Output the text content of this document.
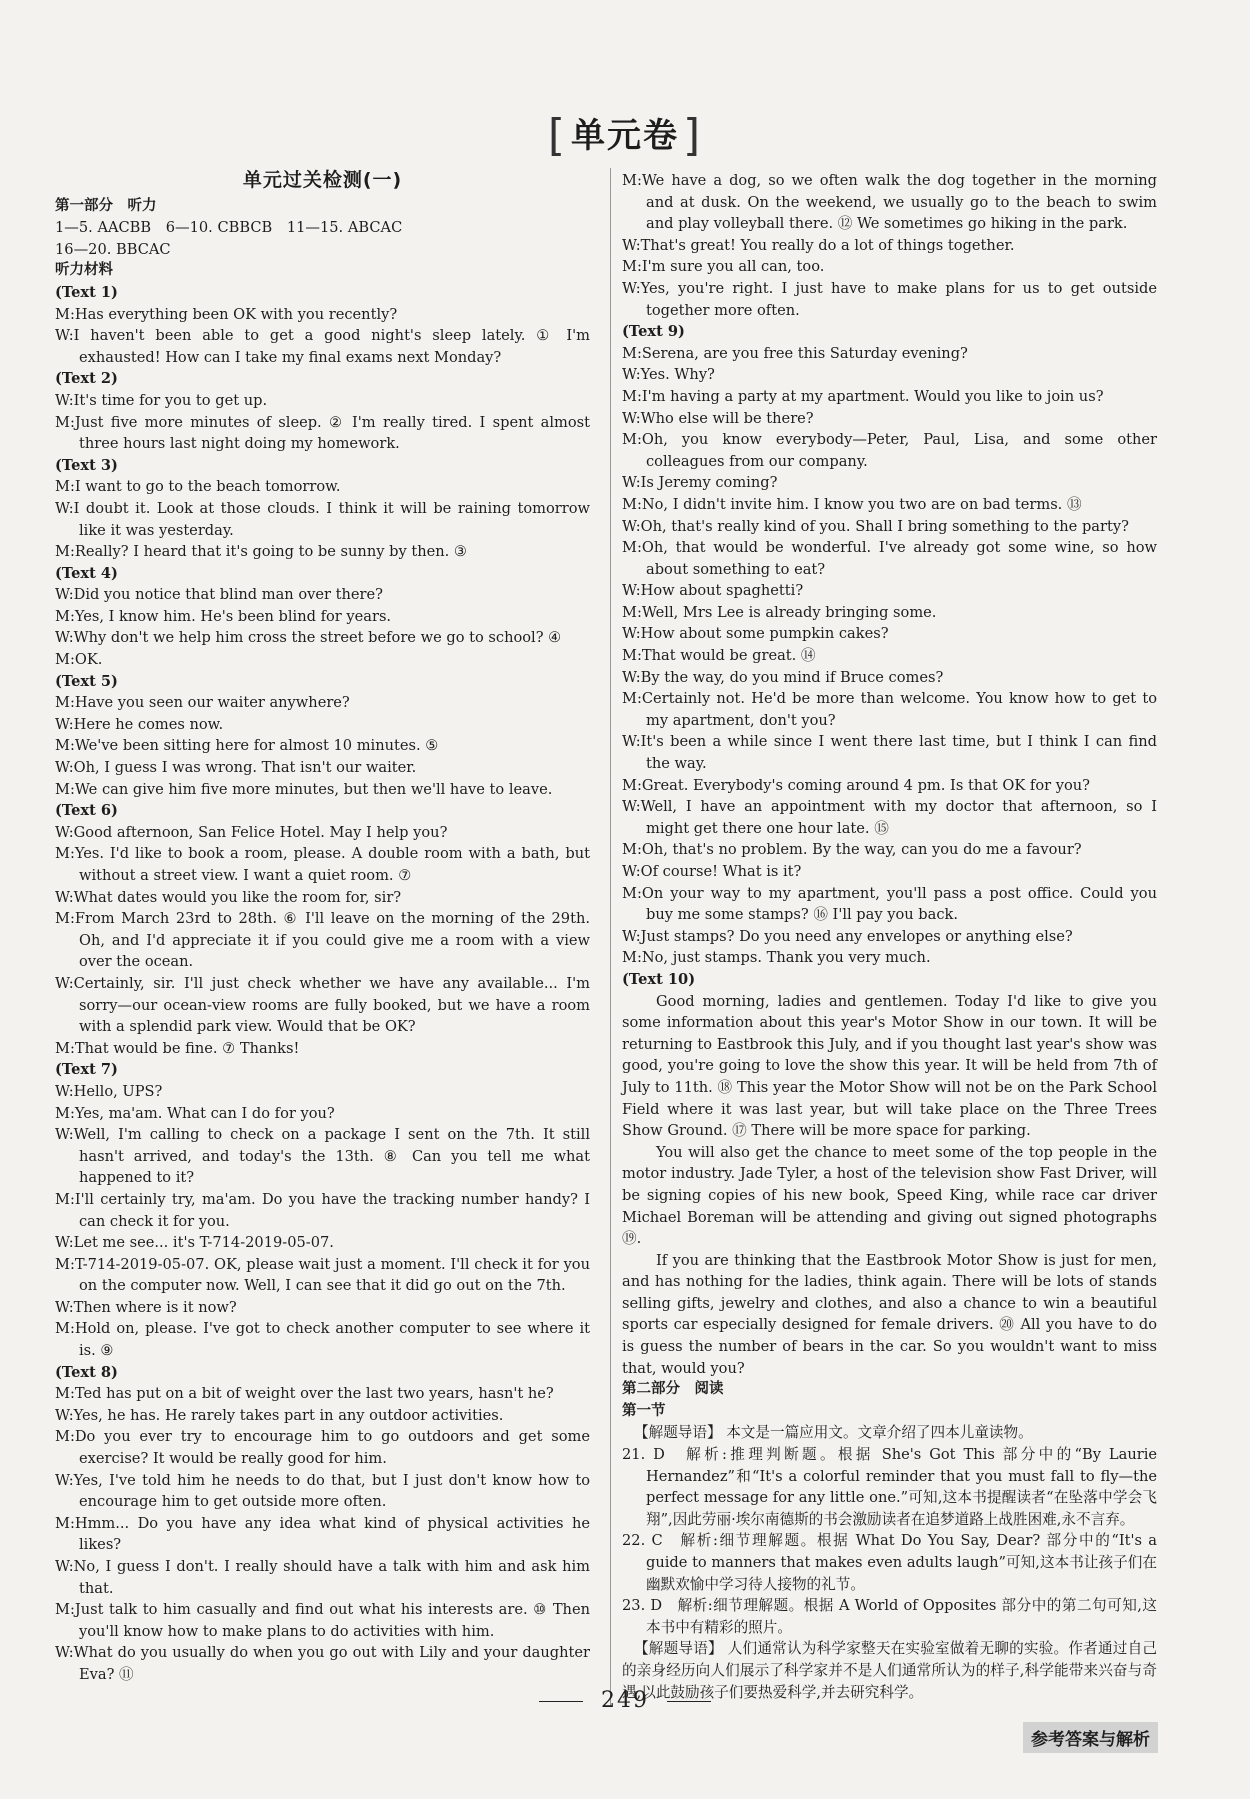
[ 单元卷]
单元过关检测(一)
第一部分　听力
1—5. AACBB　6—10. CBBCB　11—15. ABCAC
16—20. BBCAC
听力材料
(Text 1)
M:Has everything been OK with you recently?
W:I haven't been able to get a good night's sleep lately. ① I'm exhausted! How can I take my final exams next Monday?
(Text 2)
W:It's time for you to get up.
M:Just five more minutes of sleep. ② I'm really tired. I spent almost three hours last night doing my homework.
(Text 3)
M:I want to go to the beach tomorrow.
W:I doubt it. Look at those clouds. I think it will be raining tomorrow like it was yesterday.
M:Really? I heard that it's going to be sunny by then. ③
(Text 4)
W:Did you notice that blind man over there?
M:Yes, I know him. He's been blind for years.
W:Why don't we help him cross the street before we go to school? ④
M:OK.
(Text 5)
M:Have you seen our waiter anywhere?
W:Here he comes now.
M:We've been sitting here for almost 10 minutes. ⑤
W:Oh, I guess I was wrong. That isn't our waiter.
M:We can give him five more minutes, but then we'll have to leave.
(Text 6)
W:Good afternoon, San Felice Hotel. May I help you?
M:Yes. I'd like to book a room, please. A double room with a bath, but without a street view. I want a quiet room. ⑦
W:What dates would you like the room for, sir?
M:From March 23rd to 28th. ⑥ I'll leave on the morning of the 29th. Oh, and I'd appreciate it if you could give me a room with a view over the ocean.
W:Certainly, sir. I'll just check whether we have any available... I'm sorry—our ocean-view rooms are fully booked, but we have a room with a splendid park view. Would that be OK?
M:That would be fine. ⑦ Thanks!
(Text 7)
W:Hello, UPS?
M:Yes, ma'am. What can I do for you?
W:Well, I'm calling to check on a package I sent on the 7th. It still hasn't arrived, and today's the 13th. ⑧ Can you tell me what happened to it?
M:I'll certainly try, ma'am. Do you have the tracking number handy? I can check it for you.
W:Let me see... it's T-714-2019-05-07.
M:T-714-2019-05-07. OK, please wait just a moment. I'll check it for you on the computer now. Well, I can see that it did go out on the 7th.
W:Then where is it now?
M:Hold on, please. I've got to check another computer to see where it is. ⑨
(Text 8)
M:Ted has put on a bit of weight over the last two years, hasn't he?
W:Yes, he has. He rarely takes part in any outdoor activities.
M:Do you ever try to encourage him to go outdoors and get some exercise? It would be really good for him.
W:Yes, I've told him he needs to do that, but I just don't know how to encourage him to get outside more often.
M:Hmm... Do you have any idea what kind of physical activities he likes?
W:No, I guess I don't. I really should have a talk with him and ask him that.
M:Just talk to him casually and find out what his interests are. ⑩ Then you'll know how to make plans to do activities with him.
W:What do you usually do when you go out with Lily and your daughter Eva? ⑪
M:We have a dog, so we often walk the dog together in the morning and at dusk. On the weekend, we usually go to the beach to swim and play volleyball there. ⑫ We sometimes go hiking in the park.
W:That's great! You really do a lot of things together.
M:I'm sure you all can, too.
W:Yes, you're right. I just have to make plans for us to get outside together more often.
(Text 9)
M:Serena, are you free this Saturday evening?
W:Yes. Why?
M:I'm having a party at my apartment. Would you like to join us?
W:Who else will be there?
M:Oh, you know everybody—Peter, Paul, Lisa, and some other colleagues from our company.
W:Is Jeremy coming?
M:No, I didn't invite him. I know you two are on bad terms. ⑬
W:Oh, that's really kind of you. Shall I bring something to the party?
M:Oh, that would be wonderful. I've already got some wine, so how about something to eat?
W:How about spaghetti?
M:Well, Mrs Lee is already bringing some.
W:How about some pumpkin cakes?
M:That would be great. ⑭
W:By the way, do you mind if Bruce comes?
M:Certainly not. He'd be more than welcome. You know how to get to my apartment, don't you?
W:It's been a while since I went there last time, but I think I can find the way.
M:Great. Everybody's coming around 4 pm. Is that OK for you?
W:Well, I have an appointment with my doctor that afternoon, so I might get there one hour late. ⑮
M:Oh, that's no problem. By the way, can you do me a favour?
W:Of course! What is it?
M:On your way to my apartment, you'll pass a post office. Could you buy me some stamps? ⑯ I'll pay you back.
W:Just stamps? Do you need any envelopes or anything else?
M:No, just stamps. Thank you very much.
(Text 10)
Good morning, ladies and gentlemen. Today I'd like to give you some information about this year's Motor Show in our town. It will be returning to Eastbrook this July, and if you thought last year's show was good, you're going to love the show this year. It will be held from 7th of July to 11th. ⑱ This year the Motor Show will not be on the Park School Field where it was last year, but will take place on the Three Trees Show Ground. ⑰ There will be more space for parking.
You will also get the chance to meet some of the top people in the motor industry. Jade Tyler, a host of the television show Fast Driver, will be signing copies of his new book, Speed King, while race car driver Michael Boreman will be attending and giving out signed photographs ⑲.
If you are thinking that the Eastbrook Motor Show is just for men, and has nothing for the ladies, think again. There will be lots of stands selling gifts, jewelry and clothes, and also a chance to win a beautiful sports car especially designed for female drivers. ⑳ All you have to do is guess the number of bears in the car. So you wouldn't want to miss that, would you?
第二部分　阅读
第一节
【解题导语】 本文是一篇应用文。文章介绍了四本儿童读物。
21. D　解析:推理判断题。根据 She's Got This 部分中的“By Laurie Hernandez”和“It's a colorful reminder that you must fall to fly—the perfect message for any little one.”可知,这本书提醒读者“在坠落中学会飞翔”,因此劳丽·埃尔南德斯的书会激励读者在追梦道路上战胜困难,永不言弃。
22. C　解析:细节理解题。根据 What Do You Say, Dear? 部分中的“It's a guide to manners that makes even adults laugh”可知,这本书让孩子们在幽默欢愉中学习待人接物的礼节。
23. D　解析:细节理解题。根据 A World of Opposites 部分中的第二句可知,这本书中有精彩的照片。
【解题导语】 人们通常认为科学家整天在实验室做着无聊的实验。作者通过自己的亲身经历向人们展示了科学家并不是人们通常所认为的样子,科学能带来兴奋与奇遇,以此鼓励孩子们要热爱科学,并去研究科学。
249
参考答案与解析
